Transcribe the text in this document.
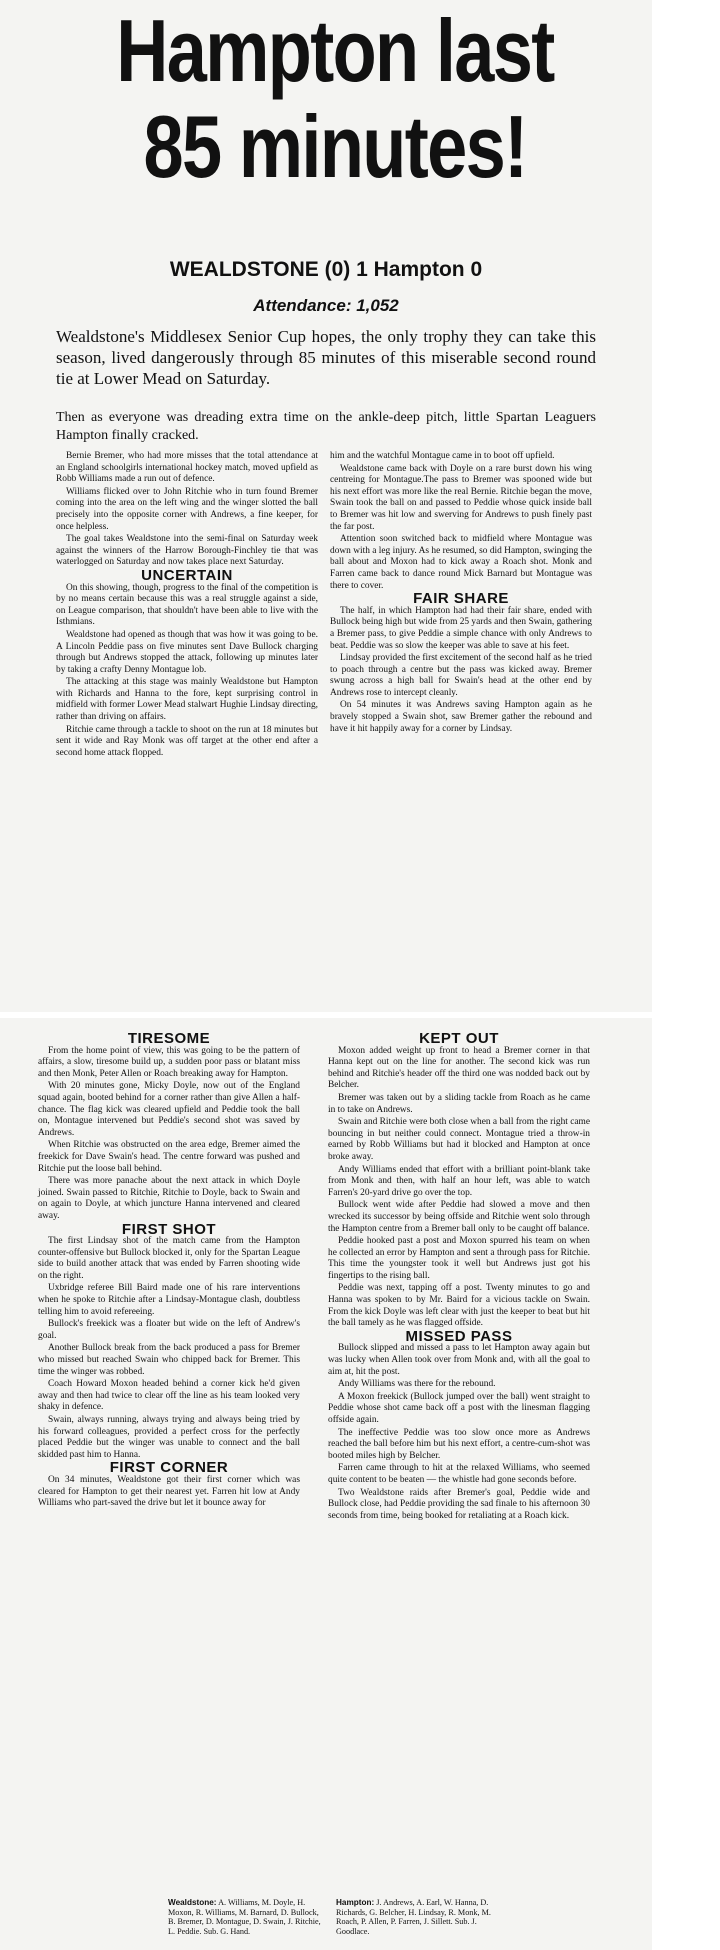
Hampton last
85 minutes!
WEALDSTONE (0) 1 Hampton 0
Attendance: 1,052

Wealdstone's Middlesex Senior Cup hopes, the only trophy they can take this season, lived dangerously through 85 minutes of this miserable second round tie at Lower Mead on Saturday.

Then as everyone was dreading extra time on the ankle-deep pitch, little Spartan Leaguers Hampton finally cracked.

Bernie Bremer, who had more misses that the total attendance at an England schoolgirls international hockey match, moved upfield as Robb Williams made a run out of defence.

Williams flicked over to John Ritchie who in turn found Bremer coming into the area on the left wing and the winger slotted the ball precisely into the opposite corner with Andrews, a fine keeper, for once helpless.

The goal takes Wealdstone into the semi-final on Saturday week against the winners of the Harrow Borough-Finchley tie that was waterlogged on Saturday and now takes place next Saturday.

UNCERTAIN

On this showing, though, progress to the final of the competition is by no means certain because this was a real struggle against a side, on League comparison, that shouldn't have been able to live with the Isthmians.

Wealdstone had opened as though that was how it was going to be. A Lincoln Peddie pass on five minutes sent Dave Bullock charging through but Andrews stopped the attack, following up minutes later by taking a crafty Denny Montague lob.

The attacking at this stage was mainly Wealdstone but Hampton with Richards and Hanna to the fore, kept surprising control in midfield with former Lower Mead stalwart Hughie Lindsay directing, rather than driving on affairs.

Ritchie came through a tackle to shoot on the run at 18 minutes but sent it wide and Ray Monk was off target at the other end after a second home attack flopped.

him and the watchful Montague came in to boot off upfield.

Wealdstone came back with Doyle on a rare burst down his wing centreing for Montague.The pass to Bremer was spooned wide but his next effort was more like the real Bernie. Ritchie began the move, Swain took the ball on and passed to Peddie whose quick inside ball to Bremer was hit low and swerving for Andrews to push finely past the far post.

Attention soon switched back to midfield where Montague was down with a leg injury. As he resumed, so did Hampton, swinging the ball about and Moxon had to kick away a Roach shot. Monk and Farren came back to dance round Mick Barnard but Montague was there to cover.

FAIR SHARE

The half, in which Hampton had had their fair share, ended with Bullock being high but wide from 25 yards and then Swain, gathering a Bremer pass, to give Peddie a simple chance with only Andrews to beat. Peddie was so slow the keeper was able to save at his feet.

Lindsay provided the first excitement of the second half as he tried to poach through a centre but the pass was kicked away. Bremer swung across a high ball for Swain's head at the other end by Andrews rose to intercept cleanly.

On 54 minutes it was Andrews saving Hampton again as he bravely stopped a Swain shot, saw Bremer gather the rebound and have it hit happily away for a corner by Lindsay.

TIRESOME

From the home point of view, this was going to be the pattern of affairs, a slow, tiresome build up, a sudden poor pass or blatant miss and then Monk, Peter Allen or Roach breaking away for Hampton.

With 20 minutes gone, Micky Doyle, now out of the England squad again, booted behind for a corner rather than give Allen a half-chance. The flag kick was cleared upfield and Peddie took the ball on, Montague intervened but Peddie's second shot was saved by Andrews.

When Ritchie was obstructed on the area edge, Bremer aimed the freekick for Dave Swain's head. The centre forward was pushed and Ritchie put the loose ball behind.

There was more panache about the next attack in which Doyle joined. Swain passed to Ritchie, Ritchie to Doyle, back to Swain and on again to Doyle, at which juncture Hanna intervened and cleared away.

FIRST SHOT

The first Lindsay shot of the match came from the Hampton counter-offensive but Bullock blocked it, only for the Spartan League side to build another attack that was ended by Farren shooting wide on the right.

Uxbridge referee Bill Baird made one of his rare interventions when he spoke to Ritchie after a Lindsay-Montague clash, doubtless telling him to avoid refereeing.

Bullock's freekick was a floater but wide on the left of Andrew's goal.

Another Bullock break from the back produced a pass for Bremer who missed but reached Swain who chipped back for Bremer. This time the winger was robbed.

Coach Howard Moxon headed behind a corner kick he'd given away and then had twice to clear off the line as his team looked very shaky in defence.

Swain, always running, always trying and always being tried by his forward colleagues, provided a perfect cross for the perfectly placed Peddie but the winger was unable to connect and the ball skidded past him to Hanna.

FIRST CORNER

On 34 minutes, Wealdstone got their first corner which was cleared for Hampton to get their nearest yet. Farren hit low at Andy Williams who part-saved the drive but let it bounce away for

KEPT OUT

Moxon added weight up front to head a Bremer corner in that Hanna kept out on the line for another. The second kick was run behind and Ritchie's header off the third one was nodded back out by Belcher.

Bremer was taken out by a sliding tackle from Roach as he came in to take on Andrews.

Swain and Ritchie were both close when a ball from the right came bouncing in but neither could connect. Montague tried a throw-in earned by Robb Williams but had it blocked and Hampton at once broke away.

Andy Williams ended that effort with a brilliant point-blank take from Monk and then, with half an hour left, was able to watch Farren's 20-yard drive go over the top.

Bullock went wide after Peddie had slowed a move and then wrecked its successor by being offside and Ritchie went solo through the Hampton centre from a Bremer ball only to be caught off balance.

Peddie hooked past a post and Moxon spurred his team on when he collected an error by Hampton and sent a through pass for Ritchie. This time the youngster took it well but Andrews just got his fingertips to the rising ball.

Peddie was next, tapping off a post. Twenty minutes to go and Hanna was spoken to by Mr. Baird for a vicious tackle on Swain. From the kick Doyle was left clear with just the keeper to beat but hit the ball tamely as he was flagged offside.

MISSED PASS

Bullock slipped and missed a pass to let Hampton away again but was lucky when Allen took over from Monk and, with all the goal to aim at, hit the post.

Andy Williams was there for the rebound.

A Moxon freekick (Bullock jumped over the ball) went straight to Peddie whose shot came back off a post with the linesman flagging offside again.

The ineffective Peddie was too slow once more as Andrews reached the ball before him but his next effort, a centre-cum-shot was booted miles high by Belcher.

Farren came through to hit at the relaxed Williams, who seemed quite content to be beaten — the whistle had gone seconds before.

Two Wealdstone raids after Bremer's goal, Peddie wide and Bullock close, had Peddie providing the sad finale to his afternoon 30 seconds from time, being booked for retaliating at a Roach kick.

Wealdstone: A. Williams, M. Doyle, H. Moxon, R. Williams, M. Barnard, D. Bullock, B. Bremer, D. Montague, D. Swain, J. Ritchie, L. Peddie. Sub. G. Hand.
Hampton: J. Andrews, A. Earl, W. Hanna, D. Richards, G. Belcher, H. Lindsay, R. Monk, M. Roach, P. Allen, P. Farren, J. Sillett. Sub. J. Goodlace.
